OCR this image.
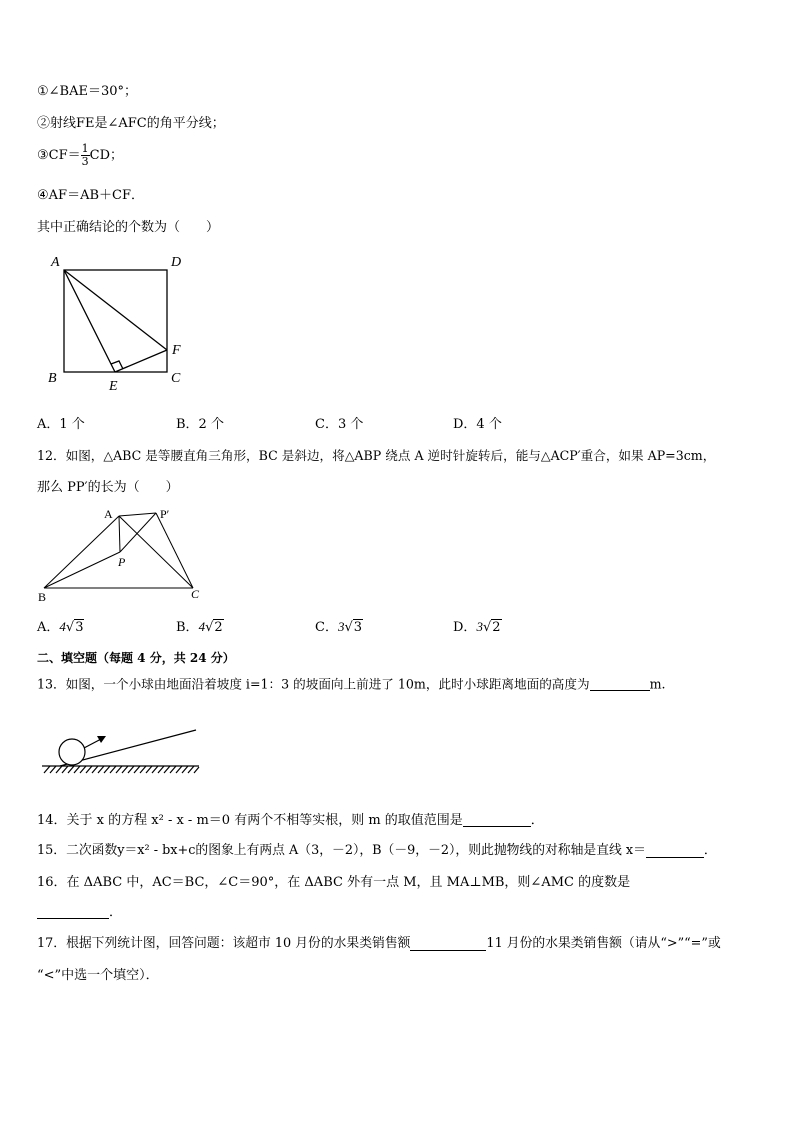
①∠BAE＝30°；
②射线FE是∠AFC的角平分线；
③CF＝ $\frac{1}{3}$ CD；
④AF＝AB＋CF．
其中正确结论的个数为（　　）
A	D
F
B	C
E
A．1 个	B．2 个	C．3 个	D．4 个
12．如图，△ABC 是等腰直角三角形，BC 是斜边，将△ABP 绕点 A 逆时针旋转后，能与△ACP′重合，如果 AP=3cm，
那么 PP′的长为（　　）
A	P′
P
B	C
A．4√3	B．4√2	C．3√3	D．3√2
二、填空题（每题 4 分，共 24 分）
13．如图，一个小球由地面沿着坡度 i=1：3 的坡面向上前进了 10m，此时小球距离地面的高度为	m.
14．关于 x 的方程 x² - x - m＝0 有两个不相等实根，则 m 的取值范围是	．
15．二次函数y＝x² - bx+c的图象上有两点 A（3，－2），B（－9，－2），则此抛物线的对称轴是直线 x＝	．
16．在 ΔABC 中，AC＝BC，∠C＝90°，在 ΔABC 外有一点 M，且 MA⊥MB，则∠AMC 的度数是
．
17．根据下列统计图，回答问题：该超市 10 月份的水果类销售额	11 月份的水果类销售额（请从“>”“=”或
“<”中选一个填空）．
